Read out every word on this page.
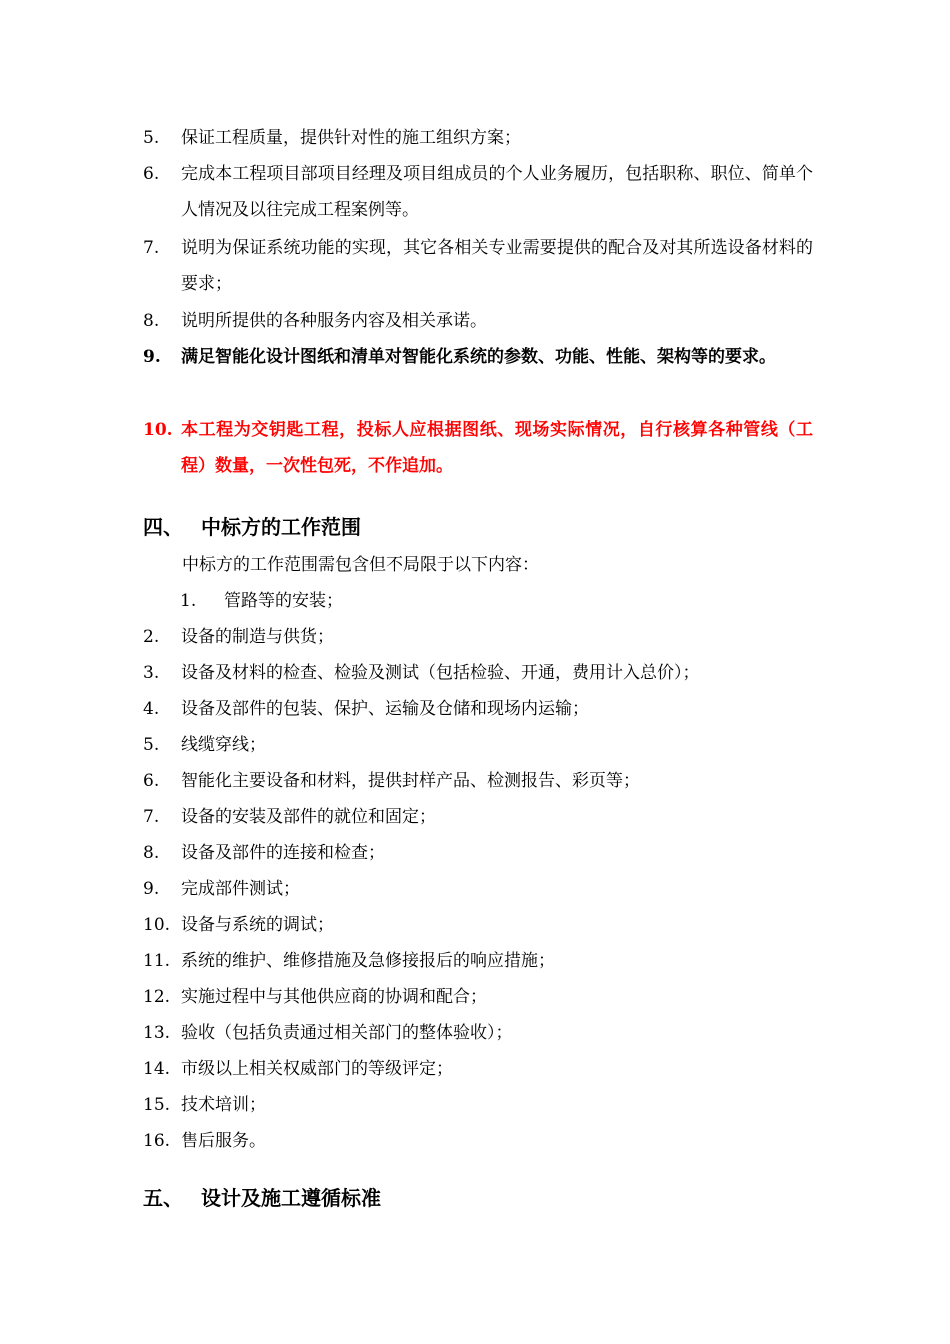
5. 保证工程质量，提供针对性的施工组织方案；
6. 完成本工程项目部项目经理及项目组成员的个人业务履历，包括职称、职位、简单个人情况及以往完成工程案例等。
7. 说明为保证系统功能的实现，其它各相关专业需要提供的配合及对其所选设备材料的要求；
8. 说明所提供的各种服务内容及相关承诺。
9. 满足智能化设计图纸和清单对智能化系统的参数、功能、性能、架构等的要求。
10. 本工程为交钥匙工程，投标人应根据图纸、现场实际情况，自行核算各种管线（工程）数量，一次性包死，不作追加。
四、 中标方的工作范围
中标方的工作范围需包含但不局限于以下内容：
1. 管路等的安装；
2. 设备的制造与供货；
3. 设备及材料的检查、检验及测试（包括检验、开通，费用计入总价）；
4. 设备及部件的包装、保护、运输及仓储和现场内运输；
5. 线缆穿线；
6. 智能化主要设备和材料，提供封样产品、检测报告、彩页等；
7. 设备的安装及部件的就位和固定；
8. 设备及部件的连接和检查；
9. 完成部件测试；
10. 设备与系统的调试；
11. 系统的维护、维修措施及急修接报后的响应措施；
12. 实施过程中与其他供应商的协调和配合；
13. 验收（包括负责通过相关部门的整体验收）；
14. 市级以上相关权威部门的等级评定；
15. 技术培训；
16. 售后服务。
五、 设计及施工遵循标准
